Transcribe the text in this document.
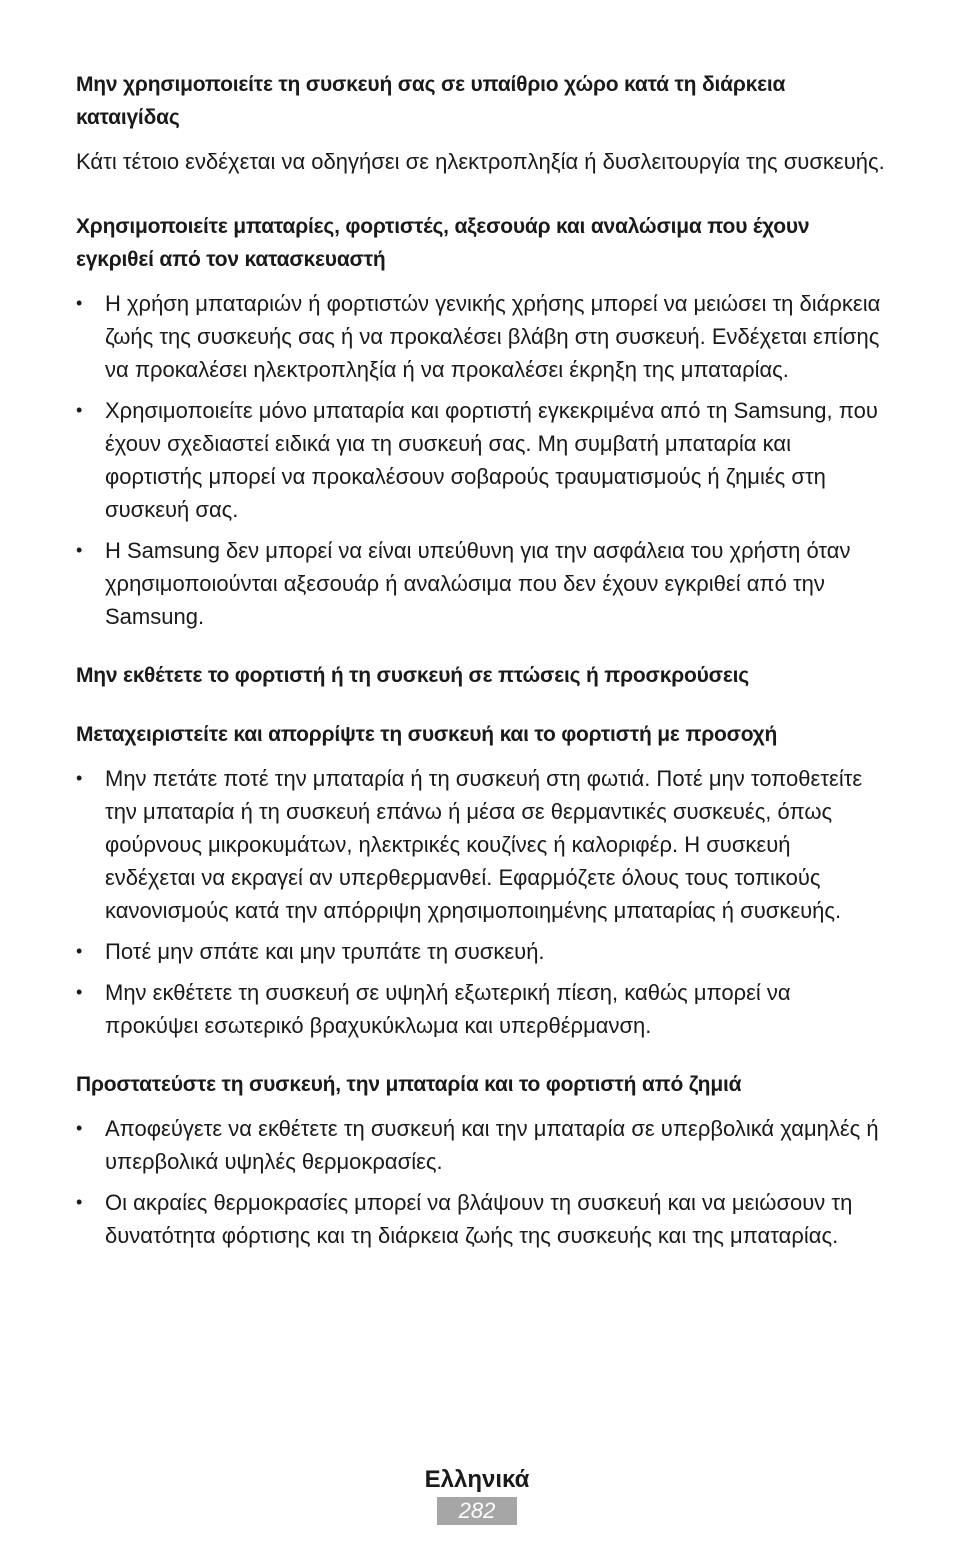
Μην χρησιμοποιείτε τη συσκευή σας σε υπαίθριο χώρο κατά τη διάρκεια καταιγίδας

Κάτι τέτοιο ενδέχεται να οδηγήσει σε ηλεκτροπληξία ή δυσλειτουργία της συσκευής.

Χρησιμοποιείτε μπαταρίες, φορτιστές, αξεσουάρ και αναλώσιμα που έχουν εγκριθεί από τον κατασκευαστή

• Η χρήση μπαταριών ή φορτιστών γενικής χρήσης μπορεί να μειώσει τη διάρκεια ζωής της συσκευής σας ή να προκαλέσει βλάβη στη συσκευή. Ενδέχεται επίσης να προκαλέσει ηλεκτροπληξία ή να προκαλέσει έκρηξη της μπαταρίας.
• Χρησιμοποιείτε μόνο μπαταρία και φορτιστή εγκεκριμένα από τη Samsung, που έχουν σχεδιαστεί ειδικά για τη συσκευή σας. Μη συμβατή μπαταρία και φορτιστής μπορεί να προκαλέσουν σοβαρούς τραυματισμούς ή ζημιές στη συσκευή σας.
• Η Samsung δεν μπορεί να είναι υπεύθυνη για την ασφάλεια του χρήστη όταν χρησιμοποιούνται αξεσουάρ ή αναλώσιμα που δεν έχουν εγκριθεί από την Samsung.

Μην εκθέτετε το φορτιστή ή τη συσκευή σε πτώσεις ή προσκρούσεις

Μεταχειριστείτε και απορρίψτε τη συσκευή και το φορτιστή με προσοχή

• Μην πετάτε ποτέ την μπαταρία ή τη συσκευή στη φωτιά. Ποτέ μην τοποθετείτε την μπαταρία ή τη συσκευή επάνω ή μέσα σε θερμαντικές συσκευές, όπως φούρνους μικροκυμάτων, ηλεκτρικές κουζίνες ή καλοριφέρ. Η συσκευή ενδέχεται να εκραγεί αν υπερθερμανθεί. Εφαρμόζετε όλους τους τοπικούς κανονισμούς κατά την απόρριψη χρησιμοποιημένης μπαταρίας ή συσκευής.
• Ποτέ μην σπάτε και μην τρυπάτε τη συσκευή.
• Μην εκθέτετε τη συσκευή σε υψηλή εξωτερική πίεση, καθώς μπορεί να προκύψει εσωτερικό βραχυκύκλωμα και υπερθέρμανση.

Προστατεύστε τη συσκευή, την μπαταρία και το φορτιστή από ζημιά

• Αποφεύγετε να εκθέτετε τη συσκευή και την μπαταρία σε υπερβολικά χαμηλές ή υπερβολικά υψηλές θερμοκρασίες.
• Οι ακραίες θερμοκρασίες μπορεί να βλάψουν τη συσκευή και να μειώσουν τη δυνατότητα φόρτισης και τη διάρκεια ζωής της συσκευής και της μπαταρίας.
Ελληνικά
282
